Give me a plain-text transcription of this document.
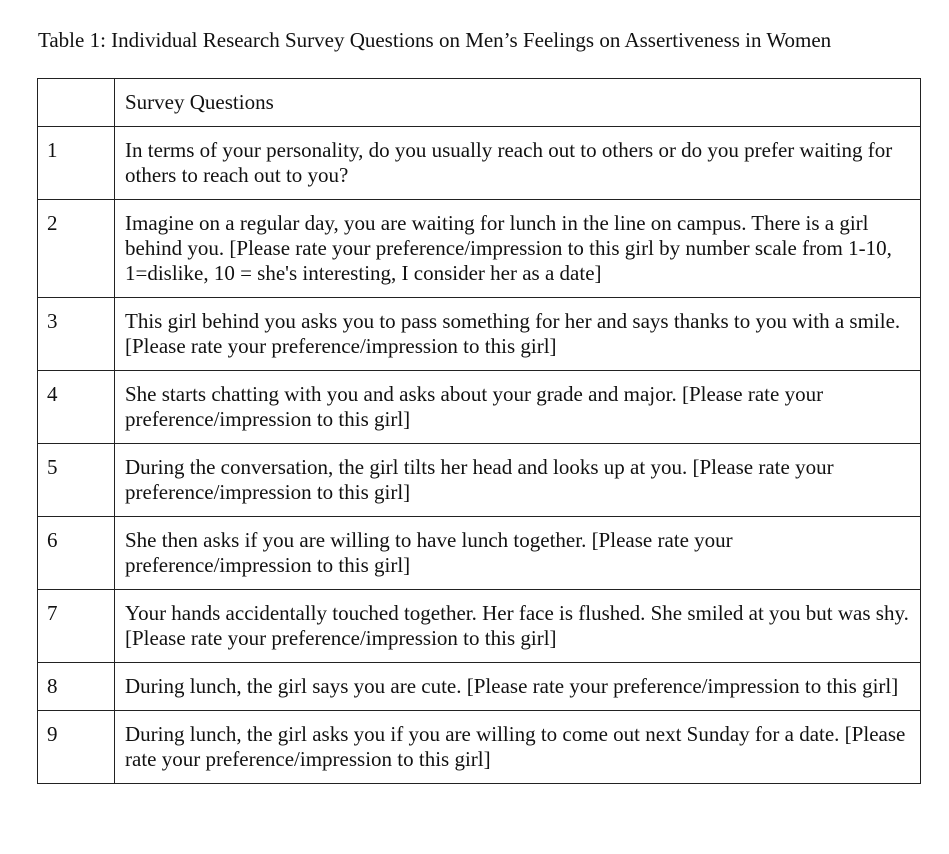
Table 1: Individual Research Survey Questions on Men’s Feelings on Assertiveness in Women
	Survey Questions
1	In terms of your personality, do you usually reach out to others or do you prefer waiting for others to reach out to you?
2	Imagine on a regular day, you are waiting for lunch in the line on campus. There is a girl behind you. [Please rate your preference/impression to this girl by number scale from 1-10, 1=dislike, 10 = she's interesting, I consider her as a date]
3	This girl behind you asks you to pass something for her and says thanks to you with a smile. [Please rate your preference/impression to this girl]
4	She starts chatting with you and asks about your grade and major. [Please rate your preference/impression to this girl]
5	During the conversation, the girl tilts her head and looks up at you. [Please rate your preference/impression to this girl]
6	She then asks if you are willing to have lunch together. [Please rate your preference/impression to this girl]
7	Your hands accidentally touched together. Her face is flushed. She smiled at you but was shy. [Please rate your preference/impression to this girl]
8	During lunch, the girl says you are cute. [Please rate your preference/impression to this girl]
9	During lunch, the girl asks you if you are willing to come out next Sunday for a date. [Please rate your preference/impression to this girl]
